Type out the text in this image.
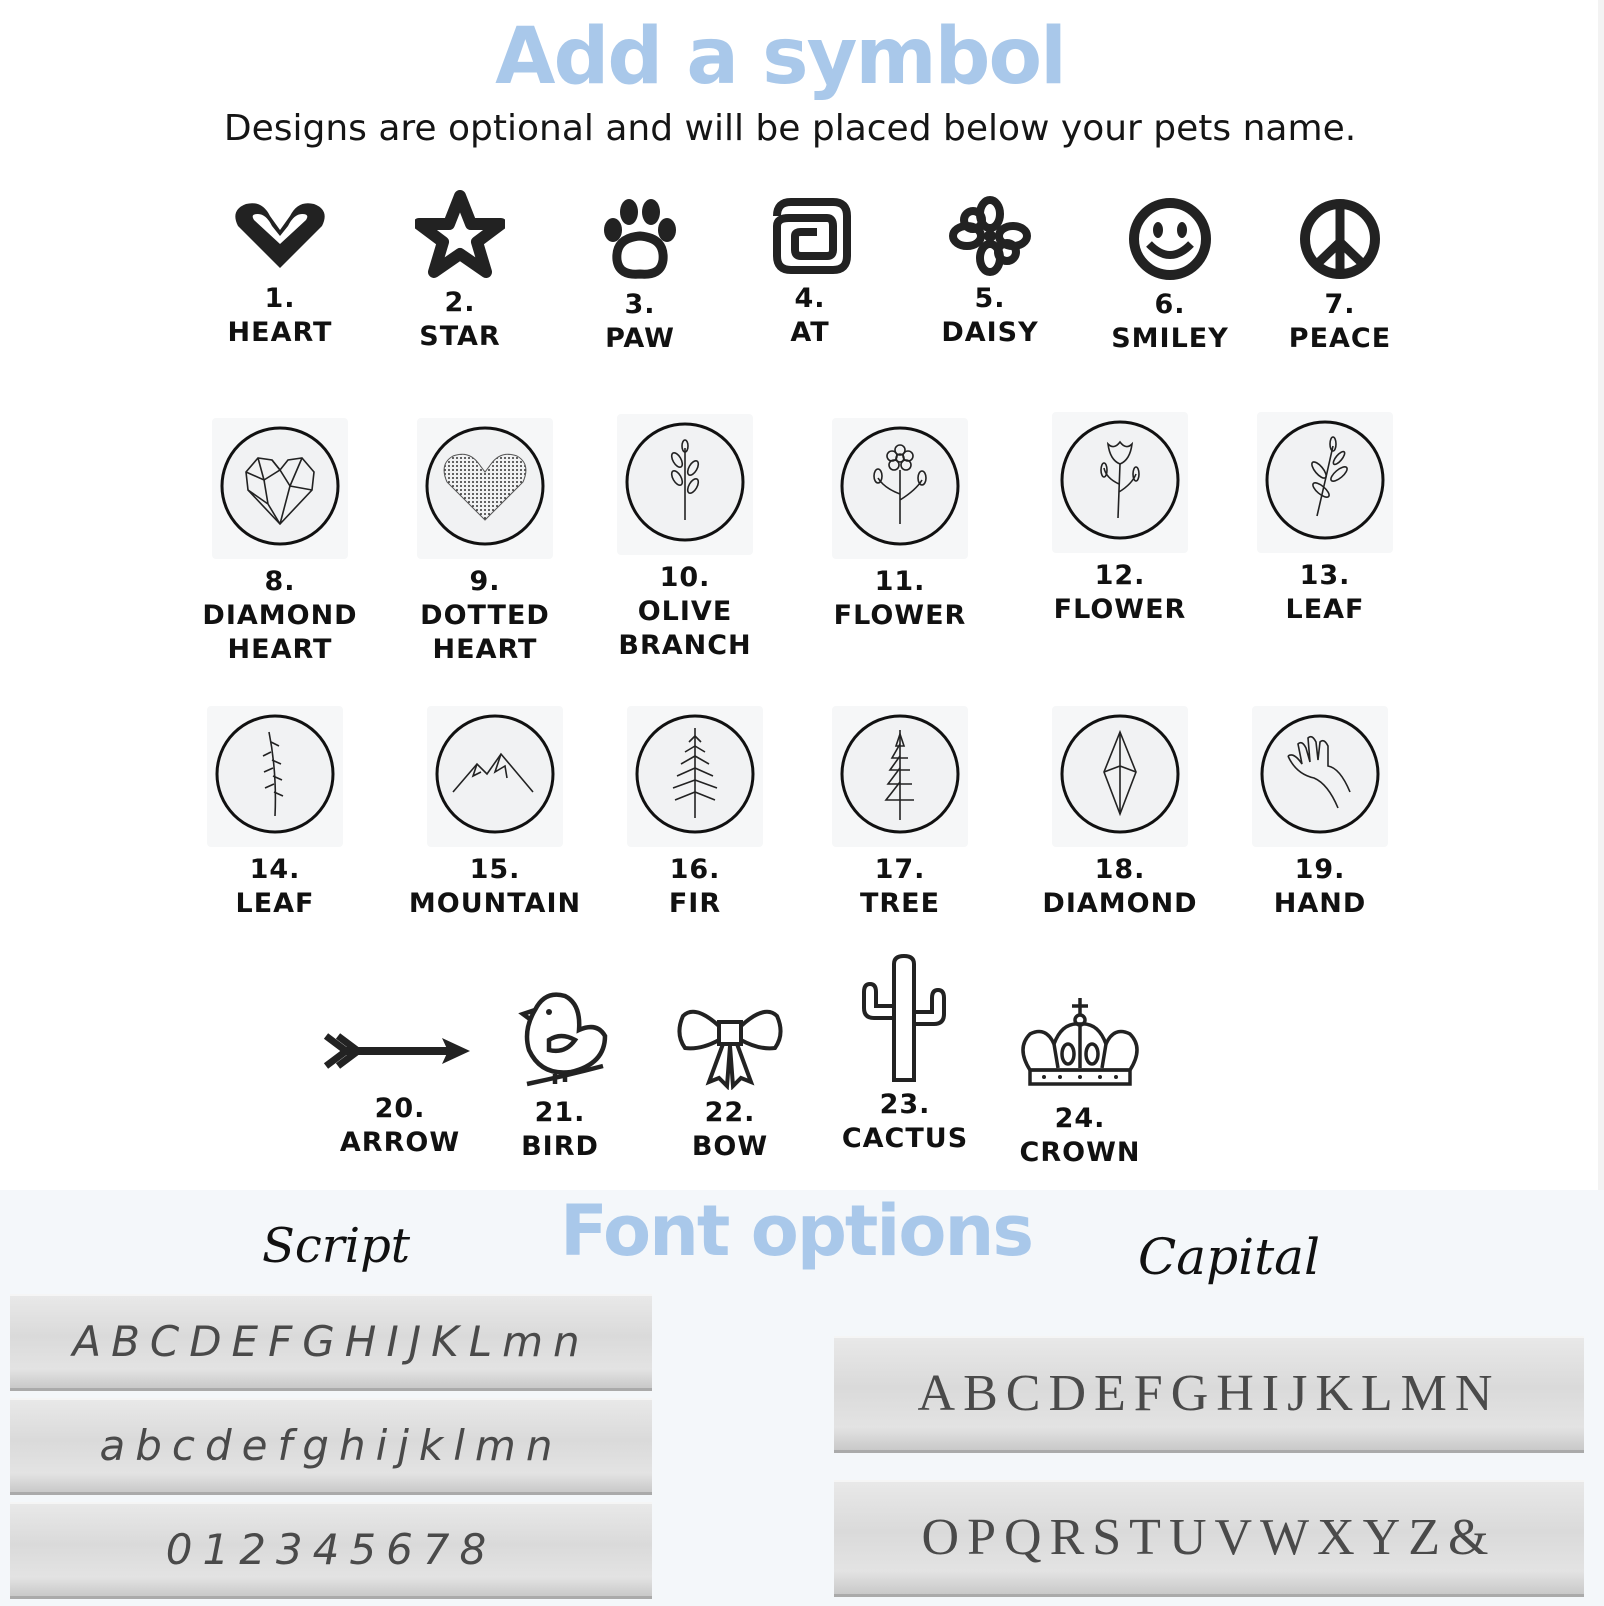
Add a symbol
Designs are optional and will be placed below your pets name.
1.
HEART
2.
STAR
3.
PAW
4.
AT
5.
DAISY
6.
SMILEY
7.
PEACE
8.
DIAMOND
HEART
9.
DOTTED
HEART
10.
OLIVE
BRANCH
11.
FLOWER
12.
FLOWER
13.
LEAF
14.
LEAF
15.
MOUNTAIN
16.
FIR
17.
TREE
18.
DIAMOND
19.
HAND
20.
ARROW
21.
BIRD
22.
BOW
23.
CACTUS
24.
CROWN
Font options
Script	Capital
ABCDEFGHIJKLmn
abcdefghijklmn
012345678
ABCDEFGHIJKLMN
OPQRSTUVWXYZ&
